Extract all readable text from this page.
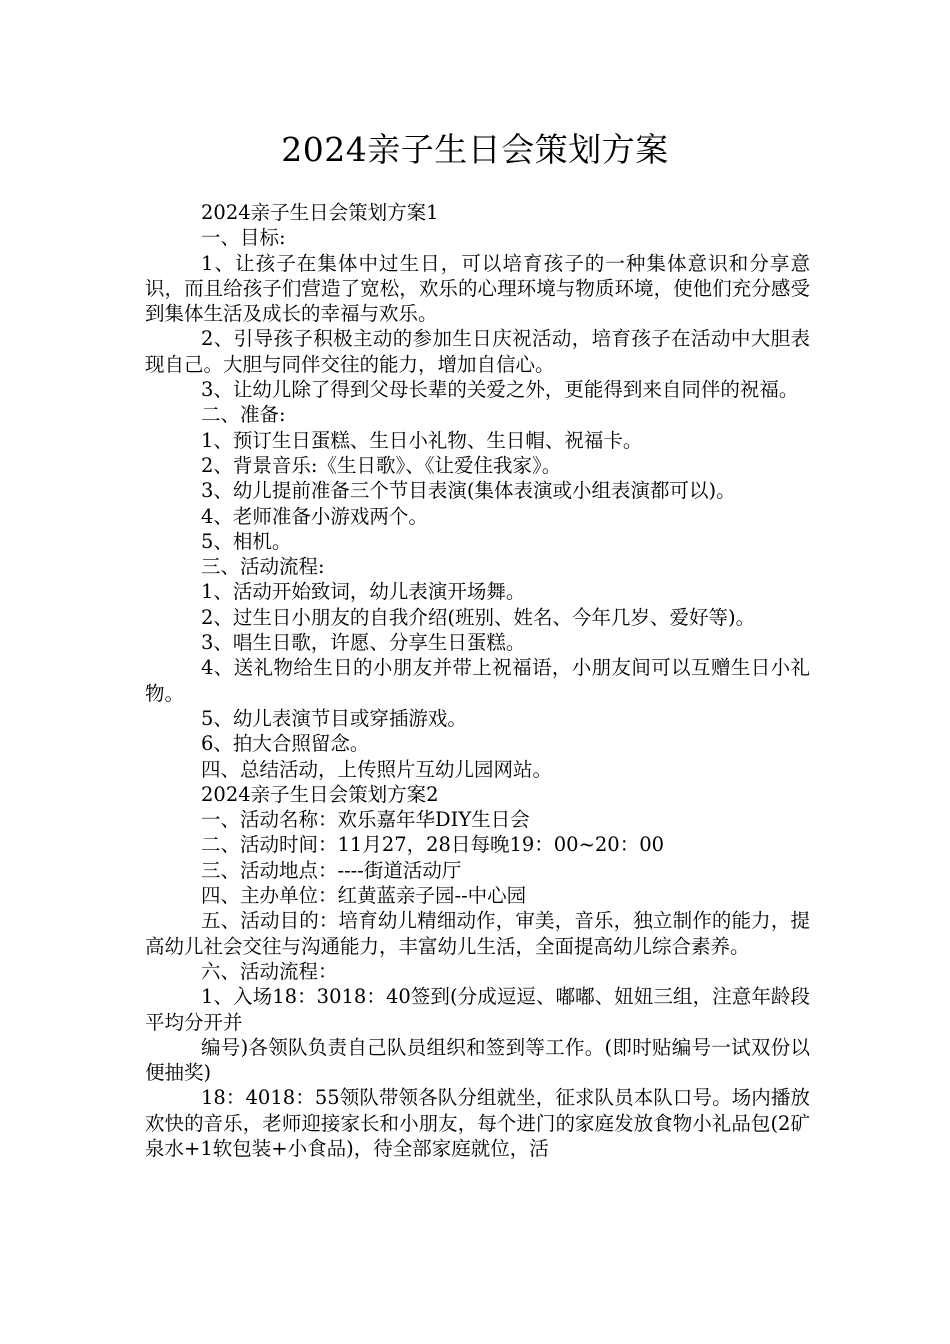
2024亲子生日会策划方案

2024亲子生日会策划方案1

一、目标:

1、让孩子在集体中过生日，可以培育孩子的一种集体意识和分享意识，而且给孩子们营造了宽松，欢乐的心理环境与物质环境，使他们充分感受到集体生活及成长的幸福与欢乐。

2、引导孩子积极主动的参加生日庆祝活动，培育孩子在活动中大胆表现自己。大胆与同伴交往的能力，增加自信心。

3、让幼儿除了得到父母长辈的关爱之外，更能得到来自同伴的祝福。

二、准备:

1、预订生日蛋糕、生日小礼物、生日帽、祝福卡。

2、背景音乐:《生日歌》、《让爱住我家》。

3、幼儿提前准备三个节目表演(集体表演或小组表演都可以)。

4、老师准备小游戏两个。

5、相机。

三、活动流程:

1、活动开始致词，幼儿表演开场舞。

2、过生日小朋友的自我介绍(班别、姓名、今年几岁、爱好等)。

3、唱生日歌，许愿、分享生日蛋糕。

4、送礼物给生日的小朋友并带上祝福语，小朋友间可以互赠生日小礼物。

5、幼儿表演节目或穿插游戏。

6、拍大合照留念。

四、总结活动，上传照片互幼儿园网站。

2024亲子生日会策划方案2

一、活动名称：欢乐嘉年华DIY生日会

二、活动时间：11月27，28日每晚19：00~20：00

三、活动地点：----街道活动厅

四、主办单位：红黄蓝亲子园--中心园

五、活动目的：培育幼儿精细动作，审美，音乐，独立制作的能力，提高幼儿社会交往与沟通能力，丰富幼儿生活，全面提高幼儿综合素养。

六、活动流程：

1、入场18：3018：40签到(分成逗逗、嘟嘟、妞妞三组，注意年龄段平均分开并

编号)各领队负责自己队员组织和签到等工作。(即时贴编号一试双份以便抽奖)

18：4018：55领队带领各队分组就坐，征求队员本队口号。场内播放欢快的音乐，老师迎接家长和小朋友，每个进门的家庭发放食物小礼品包(2矿泉水+1软包装+小食品)，待全部家庭就位，活
